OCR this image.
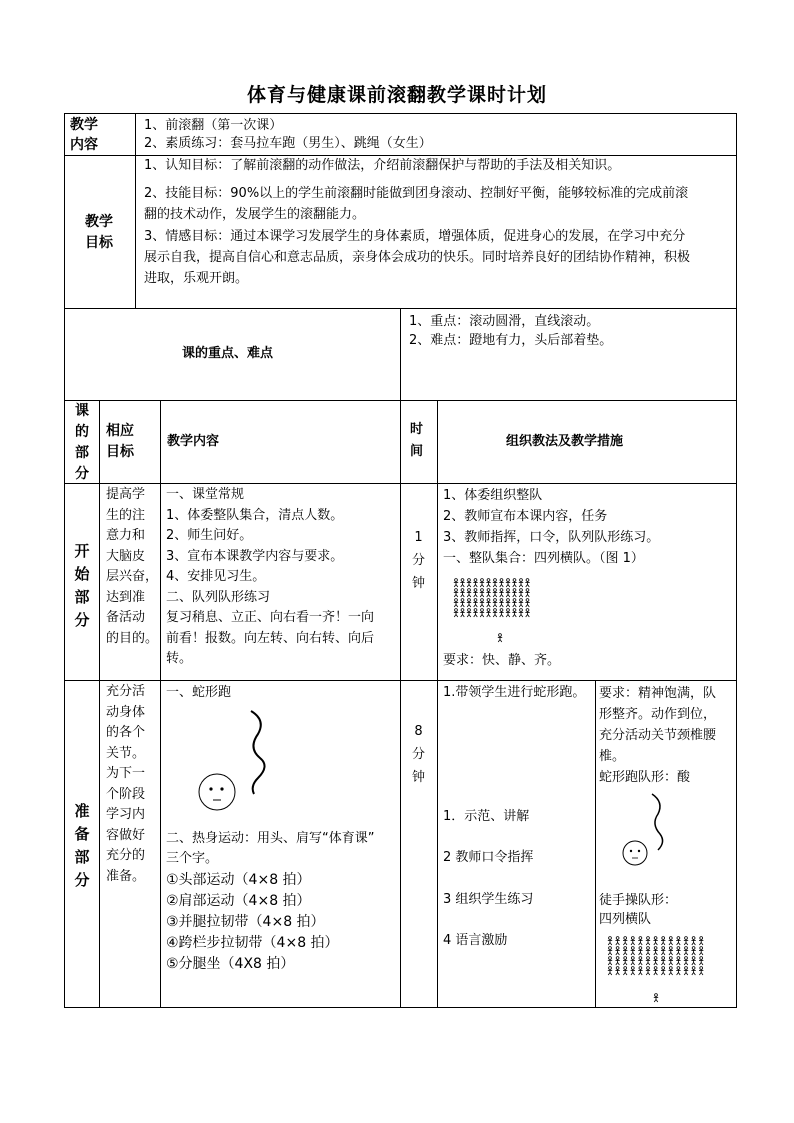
体育与健康课前滚翻教学课时计划
教学
内容
1、前滚翻（第一次课）
2、素质练习：套马拉车跑（男生）、跳绳（女生）
教学
目标
1、认知目标：了解前滚翻的动作做法，介绍前滚翻保护与帮助的手法及相关知识。
2、技能目标：90%以上的学生前滚翻时能做到团身滚动、控制好平衡，能够较标准的完成前滚
翻的技术动作，发展学生的滚翻能力。
3、情感目标：通过本课学习发展学生的身体素质，增强体质，促进身心的发展，在学习中充分
展示自我，提高自信心和意志品质，亲身体会成功的快乐。同时培养良好的团结协作精神，积极
进取，乐观开朗。
课的重点、难点
1、重点：滚动圆滑，直线滚动。
2、难点：蹬地有力，头后部着垫。
课
的
部
分
相应
目标
教学内容
时
间
组织教法及教学措施
开
始
部
分
提高学
生的注
意力和
大脑皮
层兴奋，
达到准
备活动
的目的。
一、课堂常规
1、体委整队集合，清点人数。
2、师生问好。
3、宣布本课教学内容与要求。
4、安排见习生。
二、队列队形练习
复习稍息、立正、向右看一齐！一向
前看！报数。向左转、向右转、向后
转。
1
分
钟
1、体委组织整队
2、教师宣布本课内容，任务
3、教师指挥，口令，队列队形练习。
一、整队集合：四列横队。（图 1）
要求：快、静、齐。
准
备
部
分
充分活
动身体
的各个
关节。
为下一
个阶段
学习内
容做好
充分的
准备。
一、蛇形跑
二、热身运动：用头、肩写“体育课”
三个字。
①头部运动（4×8 拍）
②肩部运动（4×8 拍）
③并腿拉韧带（4×8 拍）
④跨栏步拉韧带（4×8 拍）
⑤分腿坐（4X8 拍）
8
分
钟
1.带领学生进行蛇形跑。
1．示范、讲解
2 教师口令指挥
3 组织学生练习
4 语言激励
要求：精神饱满，队
形整齐。动作到位，
充分活动关节颈椎腰
椎。
蛇形跑队形：酸
徒手操队形：
四列横队
